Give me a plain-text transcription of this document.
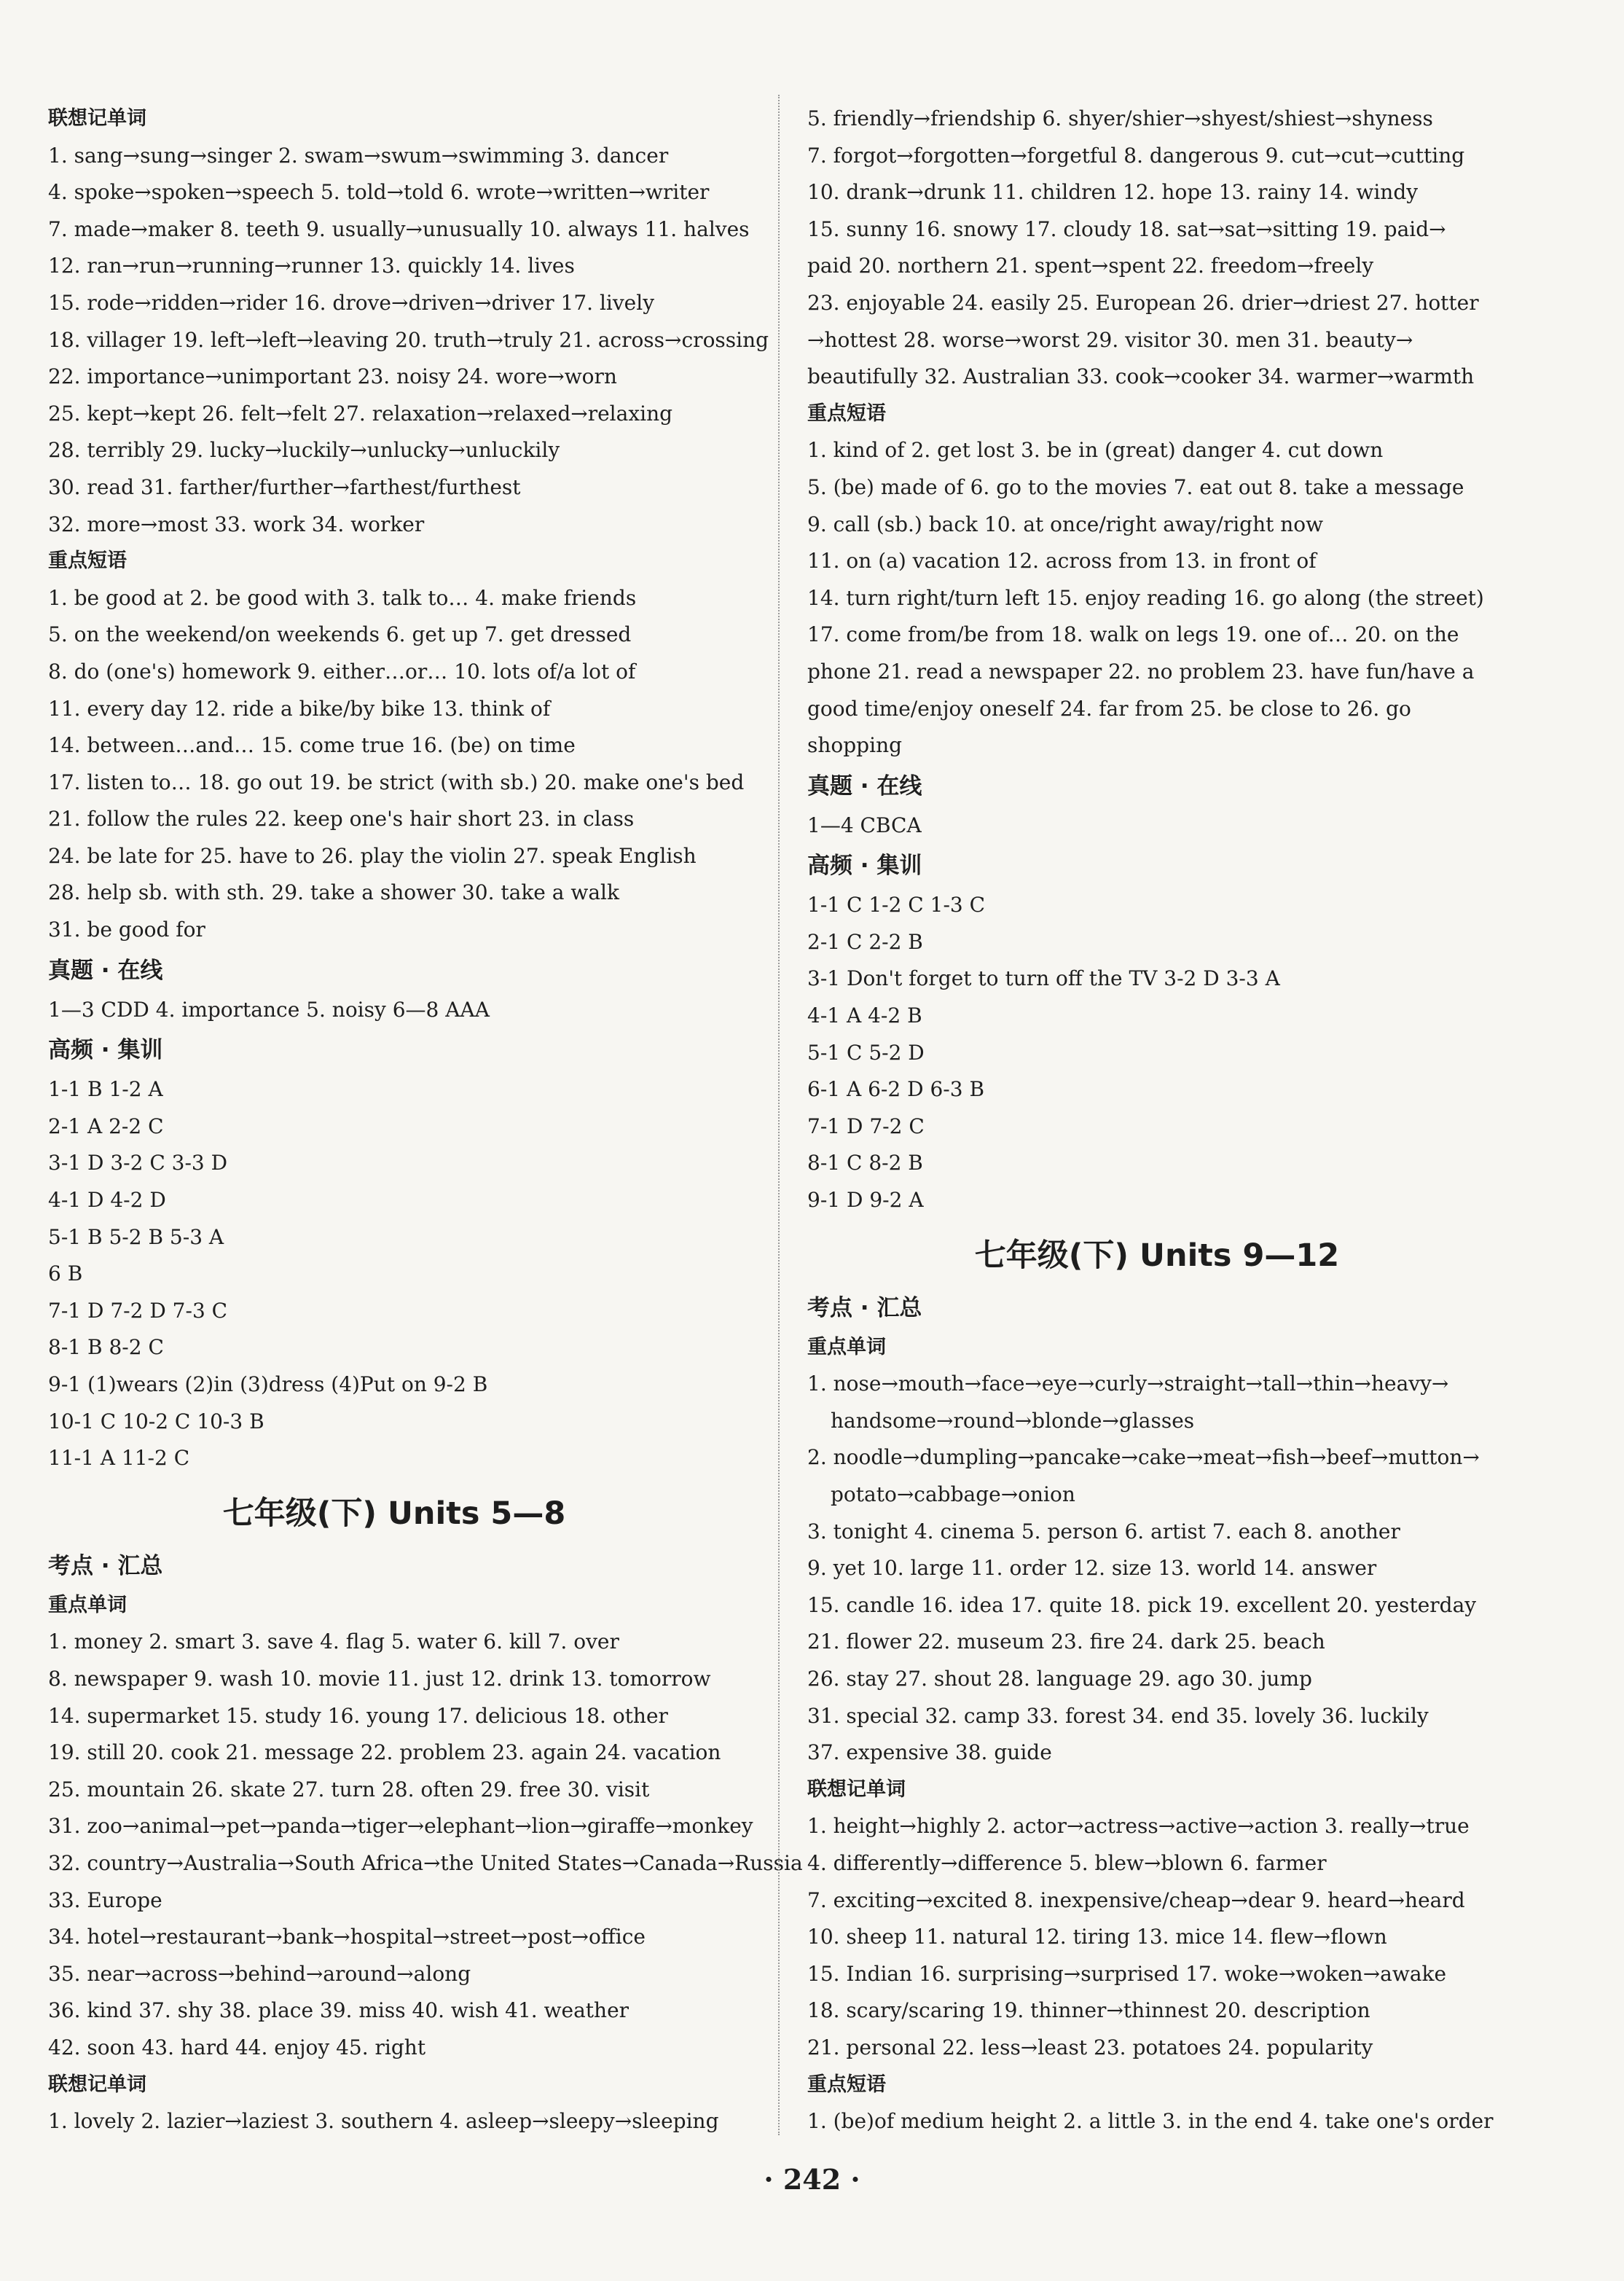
联想记单词
1. sang→sung→singer 2. swam→swum→swimming 3. dancer
4. spoke→spoken→speech 5. told→told 6. wrote→written→writer
7. made→maker 8. teeth 9. usually→unusually 10. always 11. halves
12. ran→run→running→runner 13. quickly 14. lives
15. rode→ridden→rider 16. drove→driven→driver 17. lively
18. villager 19. left→left→leaving 20. truth→truly 21. across→crossing
22. importance→unimportant 23. noisy 24. wore→worn
25. kept→kept 26. felt→felt 27. relaxation→relaxed→relaxing
28. terribly 29. lucky→luckily→unlucky→unluckily
30. read 31. farther/further→farthest/furthest
32. more→most 33. work 34. worker
重点短语
1. be good at 2. be good with 3. talk to… 4. make friends
5. on the weekend/on weekends 6. get up 7. get dressed
8. do (one's) homework 9. either…or… 10. lots of/a lot of
11. every day 12. ride a bike/by bike 13. think of
14. between…and… 15. come true 16. (be) on time
17. listen to… 18. go out 19. be strict (with sb.) 20. make one's bed
21. follow the rules 22. keep one's hair short 23. in class
24. be late for 25. have to 26. play the violin 27. speak English
28. help sb. with sth. 29. take a shower 30. take a walk
31. be good for
真题 · 在线
1—3 CDD 4. importance 5. noisy 6—8 AAA
高频 · 集训
1-1 B 1-2 A
2-1 A 2-2 C
3-1 D 3-2 C 3-3 D
4-1 D 4-2 D
5-1 B 5-2 B 5-3 A
6 B
7-1 D 7-2 D 7-3 C
8-1 B 8-2 C
9-1 (1)wears (2)in (3)dress (4)Put on 9-2 B
10-1 C 10-2 C 10-3 B
11-1 A 11-2 C
七年级(下) Units 5—8
考点 · 汇总
重点单词
1. money 2. smart 3. save 4. flag 5. water 6. kill 7. over
8. newspaper 9. wash 10. movie 11. just 12. drink 13. tomorrow
14. supermarket 15. study 16. young 17. delicious 18. other
19. still 20. cook 21. message 22. problem 23. again 24. vacation
25. mountain 26. skate 27. turn 28. often 29. free 30. visit
31. zoo→animal→pet→panda→tiger→elephant→lion→giraffe→monkey
32. country→Australia→South Africa→the United States→Canada→Russia
33. Europe
34. hotel→restaurant→bank→hospital→street→post→office
35. near→across→behind→around→along
36. kind 37. shy 38. place 39. miss 40. wish 41. weather
42. soon 43. hard 44. enjoy 45. right
联想记单词
1. lovely 2. lazier→laziest 3. southern 4. asleep→sleepy→sleeping
5. friendly→friendship 6. shyer/shier→shyest/shiest→shyness
7. forgot→forgotten→forgetful 8. dangerous 9. cut→cut→cutting
10. drank→drunk 11. children 12. hope 13. rainy 14. windy
15. sunny 16. snowy 17. cloudy 18. sat→sat→sitting 19. paid→
paid 20. northern 21. spent→spent 22. freedom→freely
23. enjoyable 24. easily 25. European 26. drier→driest 27. hotter
→hottest 28. worse→worst 29. visitor 30. men 31. beauty→
beautifully 32. Australian 33. cook→cooker 34. warmer→warmth
重点短语
1. kind of 2. get lost 3. be in (great) danger 4. cut down
5. (be) made of 6. go to the movies 7. eat out 8. take a message
9. call (sb.) back 10. at once/right away/right now
11. on (a) vacation 12. across from 13. in front of
14. turn right/turn left 15. enjoy reading 16. go along (the street)
17. come from/be from 18. walk on legs 19. one of… 20. on the
phone 21. read a newspaper 22. no problem 23. have fun/have a
good time/enjoy oneself 24. far from 25. be close to 26. go
shopping
真题 · 在线
1—4 CBCA
高频 · 集训
1-1 C 1-2 C 1-3 C
2-1 C 2-2 B
3-1 Don't forget to turn off the TV 3-2 D 3-3 A
4-1 A 4-2 B
5-1 C 5-2 D
6-1 A 6-2 D 6-3 B
7-1 D 7-2 C
8-1 C 8-2 B
9-1 D 9-2 A
七年级(下) Units 9—12
考点 · 汇总
重点单词
1. nose→mouth→face→eye→curly→straight→tall→thin→heavy→
handsome→round→blonde→glasses
2. noodle→dumpling→pancake→cake→meat→fish→beef→mutton→
potato→cabbage→onion
3. tonight 4. cinema 5. person 6. artist 7. each 8. another
9. yet 10. large 11. order 12. size 13. world 14. answer
15. candle 16. idea 17. quite 18. pick 19. excellent 20. yesterday
21. flower 22. museum 23. fire 24. dark 25. beach
26. stay 27. shout 28. language 29. ago 30. jump
31. special 32. camp 33. forest 34. end 35. lovely 36. luckily
37. expensive 38. guide
联想记单词
1. height→highly 2. actor→actress→active→action 3. really→true
4. differently→difference 5. blew→blown 6. farmer
7. exciting→excited 8. inexpensive/cheap→dear 9. heard→heard
10. sheep 11. natural 12. tiring 13. mice 14. flew→flown
15. Indian 16. surprising→surprised 17. woke→woken→awake
18. scary/scaring 19. thinner→thinnest 20. description
21. personal 22. less→least 23. potatoes 24. popularity
重点短语
1. (be)of medium height 2. a little 3. in the end 4. take one's order
· 242 ·
